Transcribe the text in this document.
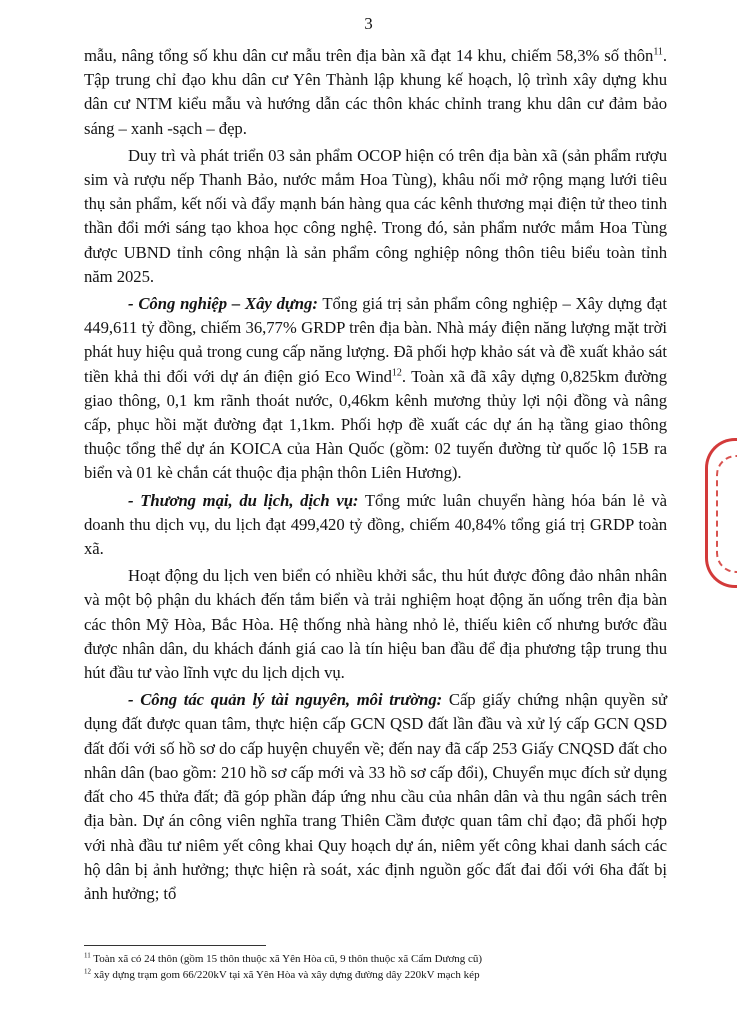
3

mẫu, nâng tổng số khu dân cư mẫu trên địa bàn xã đạt 14 khu, chiếm 58,3% số thôn$^{11}$. Tập trung chỉ đạo khu dân cư Yên Thành lập khung kế hoạch, lộ trình xây dựng khu dân cư NTM kiểu mẫu và hướng dẫn các thôn khác chỉnh trang khu dân cư đảm bảo sáng – xanh -sạch – đẹp.

Duy trì và phát triển 03 sản phẩm OCOP hiện có trên địa bàn xã (sản phẩm rượu sim và rượu nếp Thanh Bảo, nước mắm Hoa Tùng), khâu nối mở rộng mạng lưới tiêu thụ sản phẩm, kết nối và đẩy mạnh bán hàng qua các kênh thương mại điện tử theo tinh thần đổi mới sáng tạo khoa học công nghệ. Trong đó, sản phẩm nước mắm Hoa Tùng được UBND tỉnh công nhận là sản phẩm công nghiệp nông thôn tiêu biểu toàn tỉnh năm 2025.

- Công nghiệp – Xây dựng: Tổng giá trị sản phẩm công nghiệp – Xây dựng đạt 449,611 tỷ đồng, chiếm 36,77% GRDP trên địa bàn. Nhà máy điện năng lượng mặt trời phát huy hiệu quả trong cung cấp năng lượng. Đã phối hợp khảo sát và đề xuất khảo sát tiền khả thi đối với dự án điện gió Eco Wind$^{12}$. Toàn xã đã xây dựng 0,825km đường giao thông, 0,1 km rãnh thoát nước, 0,46km kênh mương thủy lợi nội đồng và nâng cấp, phục hồi mặt đường đạt 1,1km. Phối hợp đề xuất các dự án hạ tầng giao thông thuộc tổng thể dự án KOICA của Hàn Quốc (gồm: 02 tuyến đường từ quốc lộ 15B ra biển và 01 kè chắn cát thuộc địa phận thôn Liên Hương).

- Thương mại, du lịch, dịch vụ: Tổng mức luân chuyển hàng hóa bán lẻ và doanh thu dịch vụ, du lịch đạt 499,420 tỷ đồng, chiếm 40,84% tổng giá trị GRDP toàn xã.

Hoạt động du lịch ven biển có nhiều khởi sắc, thu hút được đông đảo nhân nhân và một bộ phận du khách đến tắm biển và trải nghiệm hoạt động ăn uống trên địa bàn các thôn Mỹ Hòa, Bắc Hòa. Hệ thống nhà hàng nhỏ lẻ, thiếu kiên cố nhưng bước đầu được nhân dân, du khách đánh giá cao là tín hiệu ban đầu để địa phương tập trung thu hút đầu tư vào lĩnh vực du lịch dịch vụ.

- Công tác quản lý tài nguyên, môi trường: Cấp giấy chứng nhận quyền sử dụng đất được quan tâm, thực hiện cấp GCN QSD đất lần đầu và xử lý cấp GCN QSD đất đối với số hồ sơ do cấp huyện chuyển về; đến nay đã cấp 253 Giấy CNQSD đất cho nhân dân (bao gồm: 210 hồ sơ cấp mới và 33 hồ sơ cấp đổi), Chuyển mục đích sử dụng đất cho 45 thửa đất; đã góp phần đáp ứng nhu cầu của nhân dân và thu ngân sách trên địa bàn. Dự án công viên nghĩa trang Thiên Cầm được quan tâm chỉ đạo; đã phối hợp với nhà đầu tư niêm yết công khai Quy hoạch dự án, niêm yết công khai danh sách các hộ dân bị ảnh hưởng; thực hiện rà soát, xác định nguồn gốc đất đai đối với 6ha đất bị ảnh hưởng; tổ

$^{11}$ Toàn xã có 24 thôn (gồm 15 thôn thuộc xã Yên Hòa cũ, 9 thôn thuộc xã Cẩm Dương cũ)
$^{12}$ xây dựng trạm gom 66/220kV tại xã Yên Hòa và xây dựng đường dây 220kV mạch kép
